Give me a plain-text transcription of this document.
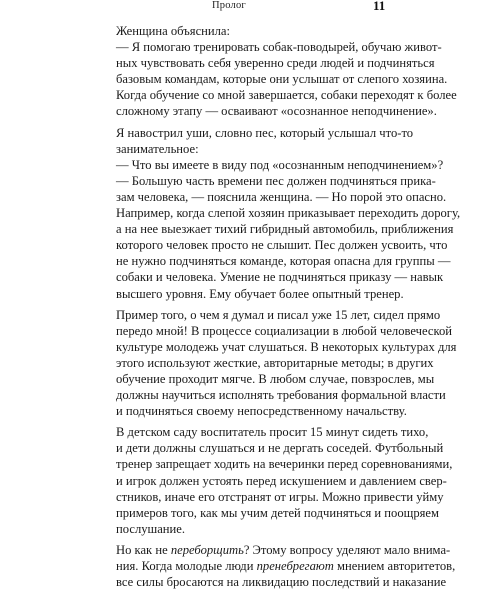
Пролог	11
Женщина объяснила:
— Я помогаю тренировать собак-поводырей, обучаю живот-
ных чувствовать себя уверенно среди людей и подчиняться
базовым командам, которые они услышат от слепого хозяина.
Когда обучение со мной завершается, собаки переходят к более
сложному этапу — осваивают «осознанное неподчинение».
Я навострил уши, словно пес, который услышал что-то
занимательное:
— Что вы имеете в виду под «осознанным неподчинением»?
— Большую часть времени пес должен подчиняться прика-
зам человека, — пояснила женщина. — Но порой это опасно.
Например, когда слепой хозяин приказывает переходить дорогу,
а на нее выезжает тихий гибридный автомобиль, приближения
которого человек просто не слышит. Пес должен усвоить, что
не нужно подчиняться команде, которая опасна для группы —
собаки и человека. Умение не подчиняться приказу — навык
высшего уровня. Ему обучает более опытный тренер.
Пример того, о чем я думал и писал уже 15 лет, сидел прямо
передо мной! В процессе социализации в любой человеческой
культуре молодежь учат слушаться. В некоторых культурах для
этого используют жесткие, авторитарные методы; в других
обучение проходит мягче. В любом случае, повзрослев, мы
должны научиться исполнять требования формальной власти
и подчиняться своему непосредственному начальству.
В детском саду воспитатель просит 15 минут сидеть тихо,
и дети должны слушаться и не дергать соседей. Футбольный
тренер запрещает ходить на вечеринки перед соревнованиями,
и игрок должен устоять перед искушением и давлением свер-
стников, иначе его отстранят от игры. Можно привести уйму
примеров того, как мы учим детей подчиняться и поощряем
послушание.
Но как не переборщить? Этому вопросу уделяют мало внима-
ния. Когда молодые люди пренебрегают мнением авторитетов,
все силы бросаются на ликвидацию последствий и наказание
